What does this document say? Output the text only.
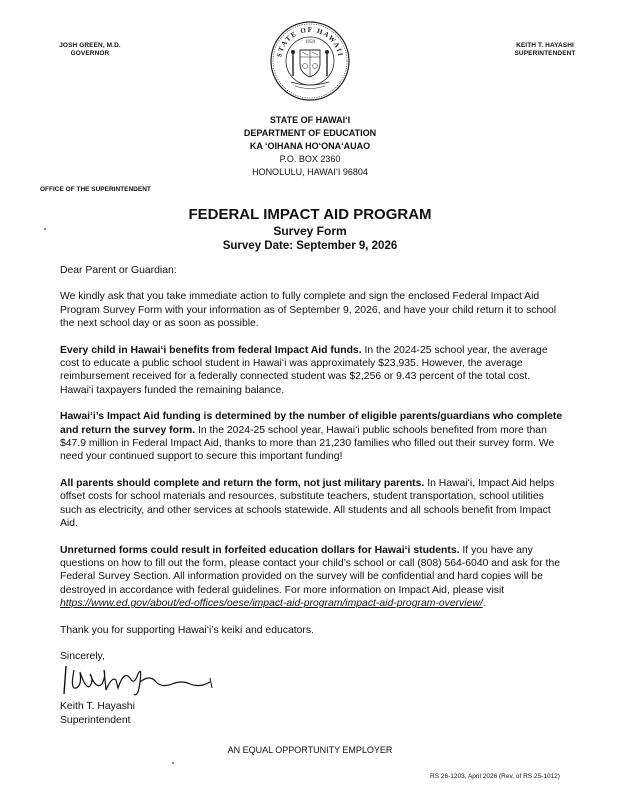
JOSH GREEN, M.D.
GOVERNOR
KEITH T. HAYASHI
SUPERINTENDENT
STATE OF HAWAII
1959
STATE OF HAWAIʻI
DEPARTMENT OF EDUCATION
KA ʻOIHANA HOʻONAʻAUAO
P.O. BOX 2360
HONOLULU, HAWAIʻI 96804
OFFICE OF THE SUPERINTENDENT
FEDERAL IMPACT AID PROGRAM
Survey Form
Survey Date: September 9, 2026

Dear Parent or Guardian:

We kindly ask that you take immediate action to fully complete and sign the enclosed Federal Impact Aid Program Survey Form with your information as of September 9, 2026, and have your child return it to school the next school day or as soon as possible.

Every child in Hawaiʻi benefits from federal Impact Aid funds. In the 2024-25 school year, the average cost to educate a public school student in Hawaiʻi was approximately $23,935. However, the average reimbursement received for a federally connected student was $2,256 or 9.43 percent of the total cost. Hawaiʻi taxpayers funded the remaining balance.

Hawaiʻi’s Impact Aid funding is determined by the number of eligible parents/guardians who complete and return the survey form. In the 2024-25 school year, Hawaiʻi public schools benefited from more than $47.9 million in Federal Impact Aid, thanks to more than 21,230 families who filled out their survey form. We need your continued support to secure this important funding!

All parents should complete and return the form, not just military parents. In Hawaiʻi, Impact Aid helps offset costs for school materials and resources, substitute teachers, student transportation, school utilities such as electricity, and other services at schools statewide. All students and all schools benefit from Impact Aid.

Unreturned forms could result in forfeited education dollars for Hawaiʻi students. If you have any questions on how to fill out the form, please contact your child’s school or call (808) 564-6040 and ask for the Federal Survey Section. All information provided on the survey will be confidential and hard copies will be destroyed in accordance with federal guidelines. For more information on Impact Aid, please visit https://www.ed.gov/about/ed-offices/oese/impact-aid-program/impact-aid-program-overview/.

Thank you for supporting Hawaiʻi’s keiki and educators.

Sincerely,

Keith T. Hayashi
Superintendent
AN EQUAL OPPORTUNITY EMPLOYER
RS 26-1203, April 2026 (Rev. of RS 25-1012)
